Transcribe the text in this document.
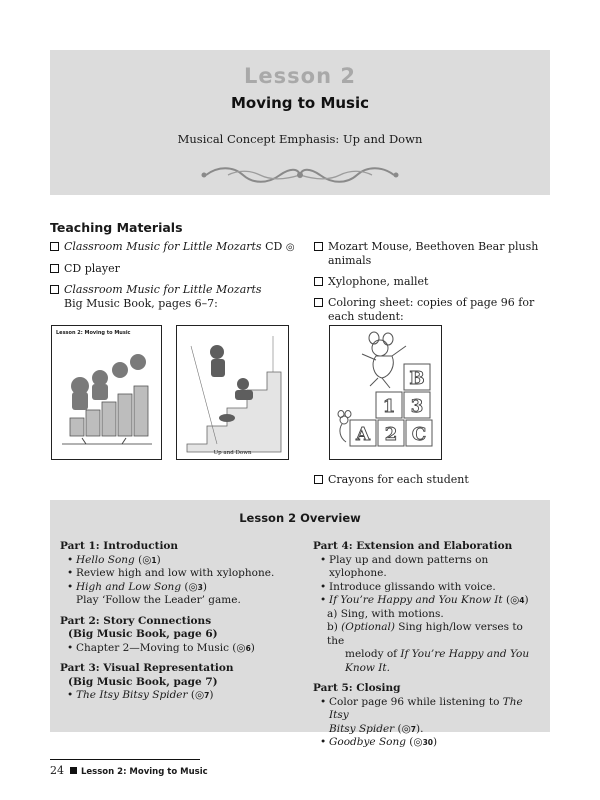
Lesson 2
Moving to Music
Musical Concept Emphasis: Up and Down
Teaching Materials
Classroom Music for Little Mozarts CD ◎
CD player
Classroom Music for Little Mozarts
Big Music Book, pages 6–7:
Mozart Mouse, Beethoven Bear plush animals
Xylophone, mallet
Coloring sheet: copies of page 96 for
each student:
Lesson 2: Moving to Music
Up and Down
B
1 3
A 2 C
Crayons for each student
Lesson 2 Overview
Part 1: Introduction
• Hello Song (◎1)
• Review high and low with xylophone.
• High and Low Song (◎3)
Play ‘Follow the Leader’ game.
Part 2: Story Connections
(Big Music Book, page 6)
• Chapter 2—Moving to Music (◎6)
Part 3: Visual Representation
(Big Music Book, page 7)
• The Itsy Bitsy Spider (◎7)
Part 4: Extension and Elaboration
• Play up and down patterns on xylophone.
• Introduce glissando with voice.
• If You’re Happy and You Know It (◎4)
a) Sing, with motions.
b) (Optional) Sing high/low verses to the
melody of If You’re Happy and You
Know It.
Part 5: Closing
• Color page 96 while listening to The Itsy
Bitsy Spider (◎7).
• Goodbye Song (◎30)
24 Lesson 2: Moving to Music
